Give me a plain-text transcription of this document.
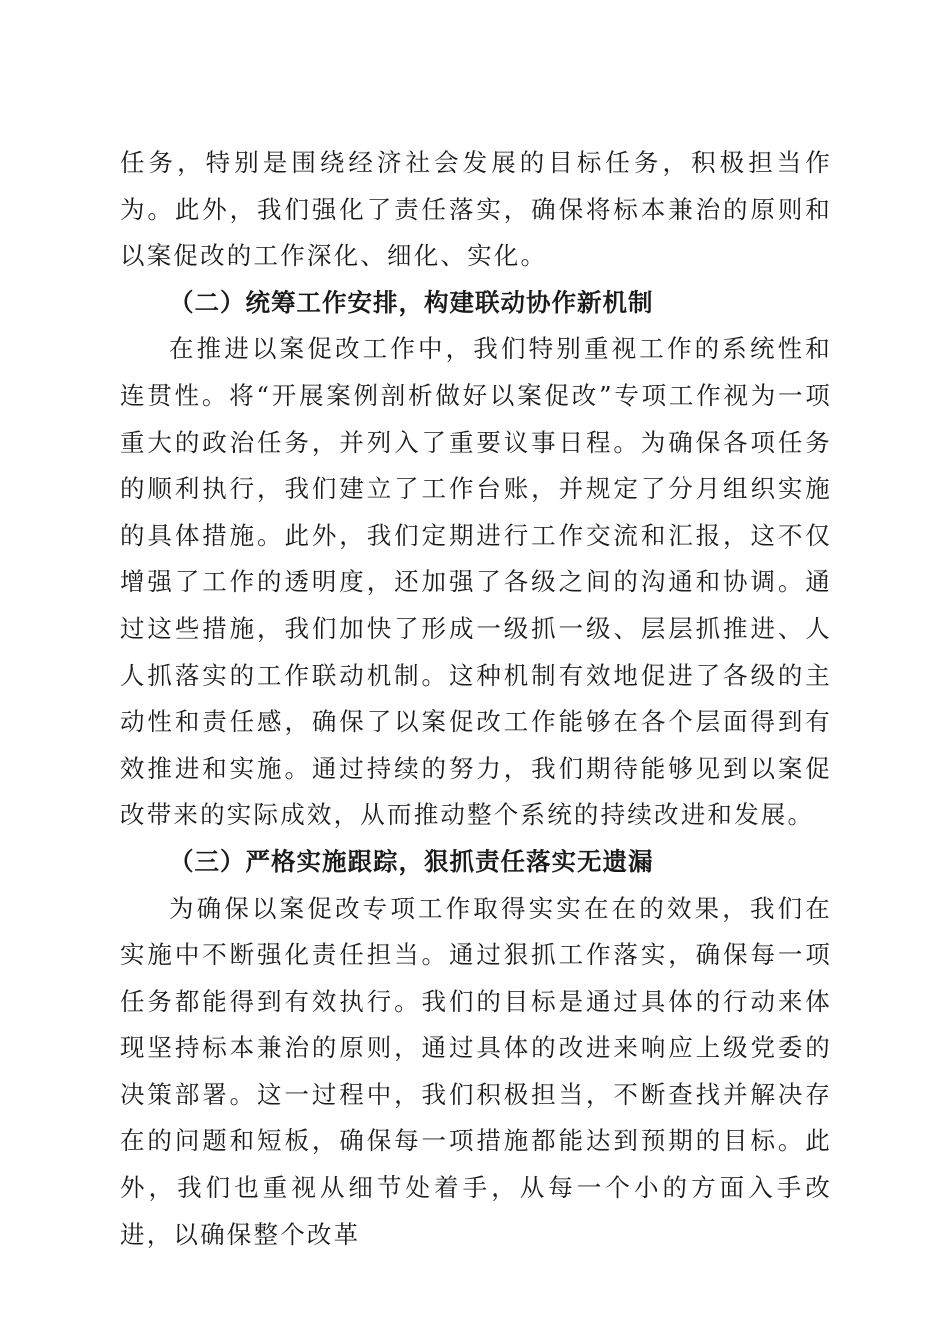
任务，特别是围绕经济社会发展的目标任务，积极担当作为。此外，我们强化了责任落实，确保将标本兼治的原则和以案促改的工作深化、细化、实化。

（二）统筹工作安排，构建联动协作新机制

在推进以案促改工作中，我们特别重视工作的系统性和连贯性。将“开展案例剖析做好以案促改”专项工作视为一项重大的政治任务，并列入了重要议事日程。为确保各项任务的顺利执行，我们建立了工作台账，并规定了分月组织实施的具体措施。此外，我们定期进行工作交流和汇报，这不仅增强了工作的透明度，还加强了各级之间的沟通和协调。通过这些措施，我们加快了形成一级抓一级、层层抓推进、人人抓落实的工作联动机制。这种机制有效地促进了各级的主动性和责任感，确保了以案促改工作能够在各个层面得到有效推进和实施。通过持续的努力，我们期待能够见到以案促改带来的实际成效，从而推动整个系统的持续改进和发展。

（三）严格实施跟踪，狠抓责任落实无遗漏

为确保以案促改专项工作取得实实在在的效果，我们在实施中不断强化责任担当。通过狠抓工作落实，确保每一项任务都能得到有效执行。我们的目标是通过具体的行动来体现坚持标本兼治的原则，通过具体的改进来响应上级党委的决策部署。这一过程中，我们积极担当，不断查找并解决存在的问题和短板，确保每一项措施都能达到预期的目标。此外，我们也重视从细节处着手，从每一个小的方面入手改进，以确保整个改革
